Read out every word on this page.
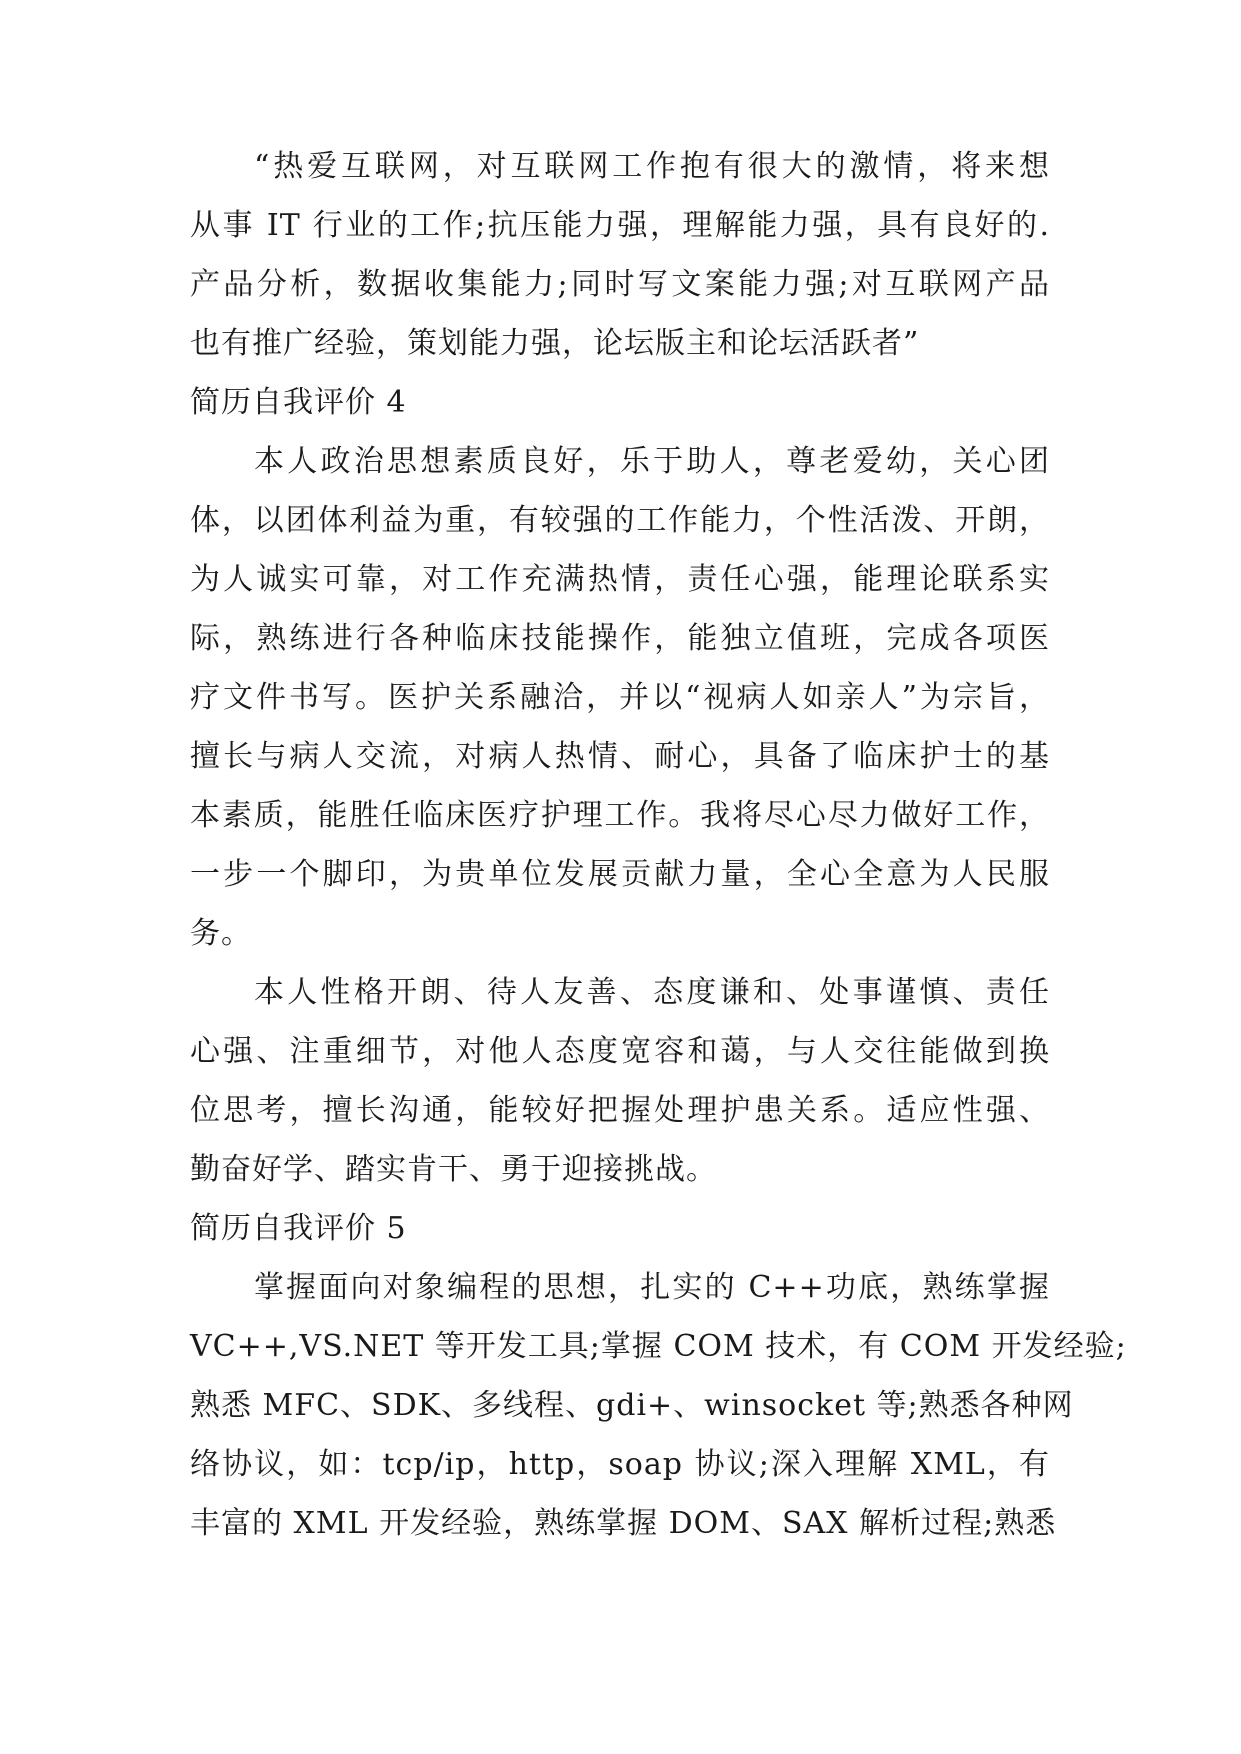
“热爱互联网，对互联网工作抱有很大的激情，将来想
从事 IT 行业的工作;抗压能力强，理解能力强，具有良好的.
产品分析，数据收集能力;同时写文案能力强;对互联网产品
也有推广经验，策划能力强，论坛版主和论坛活跃者”
简历自我评价 4
本人政治思想素质良好，乐于助人，尊老爱幼，关心团
体，以团体利益为重，有较强的工作能力，个性活泼、开朗，
为人诚实可靠，对工作充满热情，责任心强，能理论联系实
际，熟练进行各种临床技能操作，能独立值班，完成各项医
疗文件书写。医护关系融洽，并以“视病人如亲人”为宗旨，
擅长与病人交流，对病人热情、耐心，具备了临床护士的基
本素质，能胜任临床医疗护理工作。我将尽心尽力做好工作，
一步一个脚印，为贵单位发展贡献力量，全心全意为人民服
务。
本人性格开朗、待人友善、态度谦和、处事谨慎、责任
心强、注重细节，对他人态度宽容和蔼，与人交往能做到换
位思考，擅长沟通，能较好把握处理护患关系。适应性强、
勤奋好学、踏实肯干、勇于迎接挑战。
简历自我评价 5
掌握面向对象编程的思想，扎实的 C++功底，熟练掌握
VC++,VS.NET 等开发工具;掌握 COM 技术，有 COM 开发经验;
熟悉 MFC、SDK、多线程、gdi+、winsocket 等;熟悉各种网
络协议，如：tcp/ip，http，soap 协议;深入理解 XML，有
丰富的 XML 开发经验，熟练掌握 DOM、SAX 解析过程;熟悉
